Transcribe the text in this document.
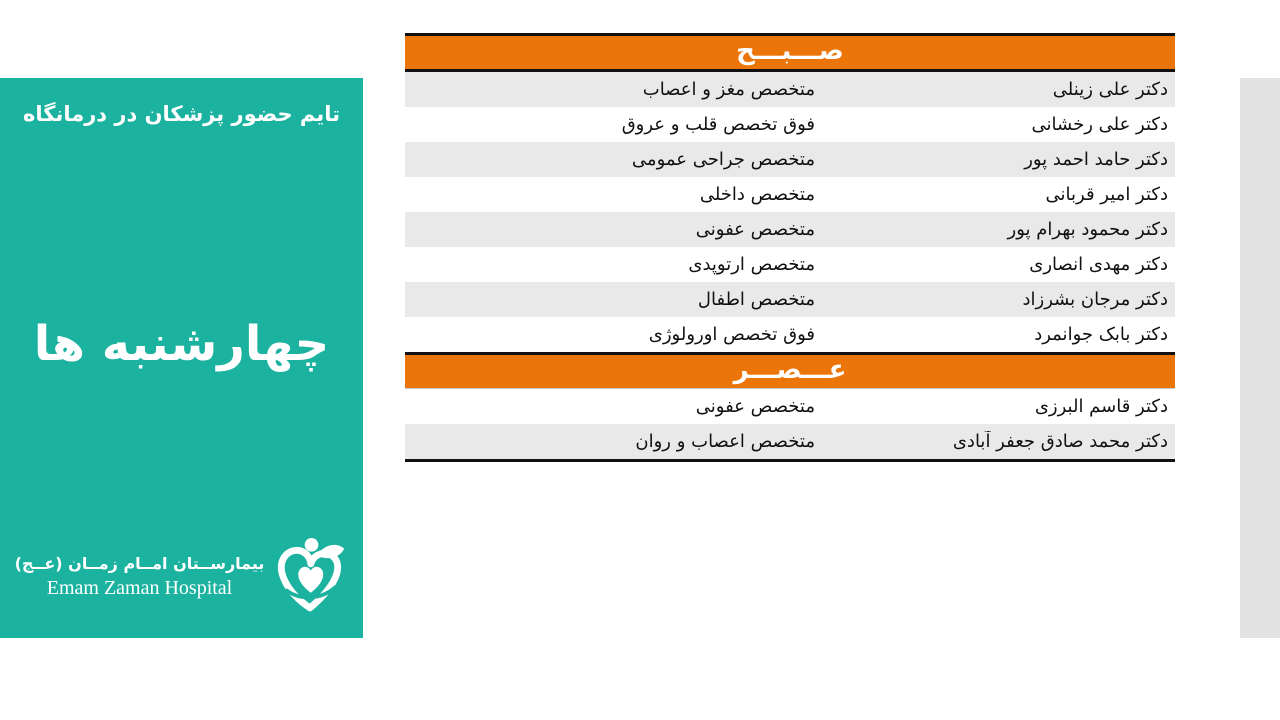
تایم حضور پزشکان در درمانگاه
چهارشنبه ها
بیمارســتان امــام زمــان (عــج)
Emam Zaman Hospital
صـــبـــح
دکتر علی زینلی
متخصص مغز و اعصاب
دکتر علی رخشانی
فوق تخصص قلب و عروق
دکتر حامد احمد پور
متخصص جراحی عمومی
دکتر امیر قربانی
متخصص داخلی
دکتر محمود بهرام پور
متخصص عفونی
دکتر مهدی انصاری
متخصص ارتوپدی
دکتر مرجان بشرزاد
متخصص اطفال
دکتر بابک جوانمرد
فوق تخصص اورولوژی
عـــصـــر
دکتر قاسم البرزی
متخصص عفونی
دکتر محمد صادق جعفر آبادی
متخصص اعصاب و روان
